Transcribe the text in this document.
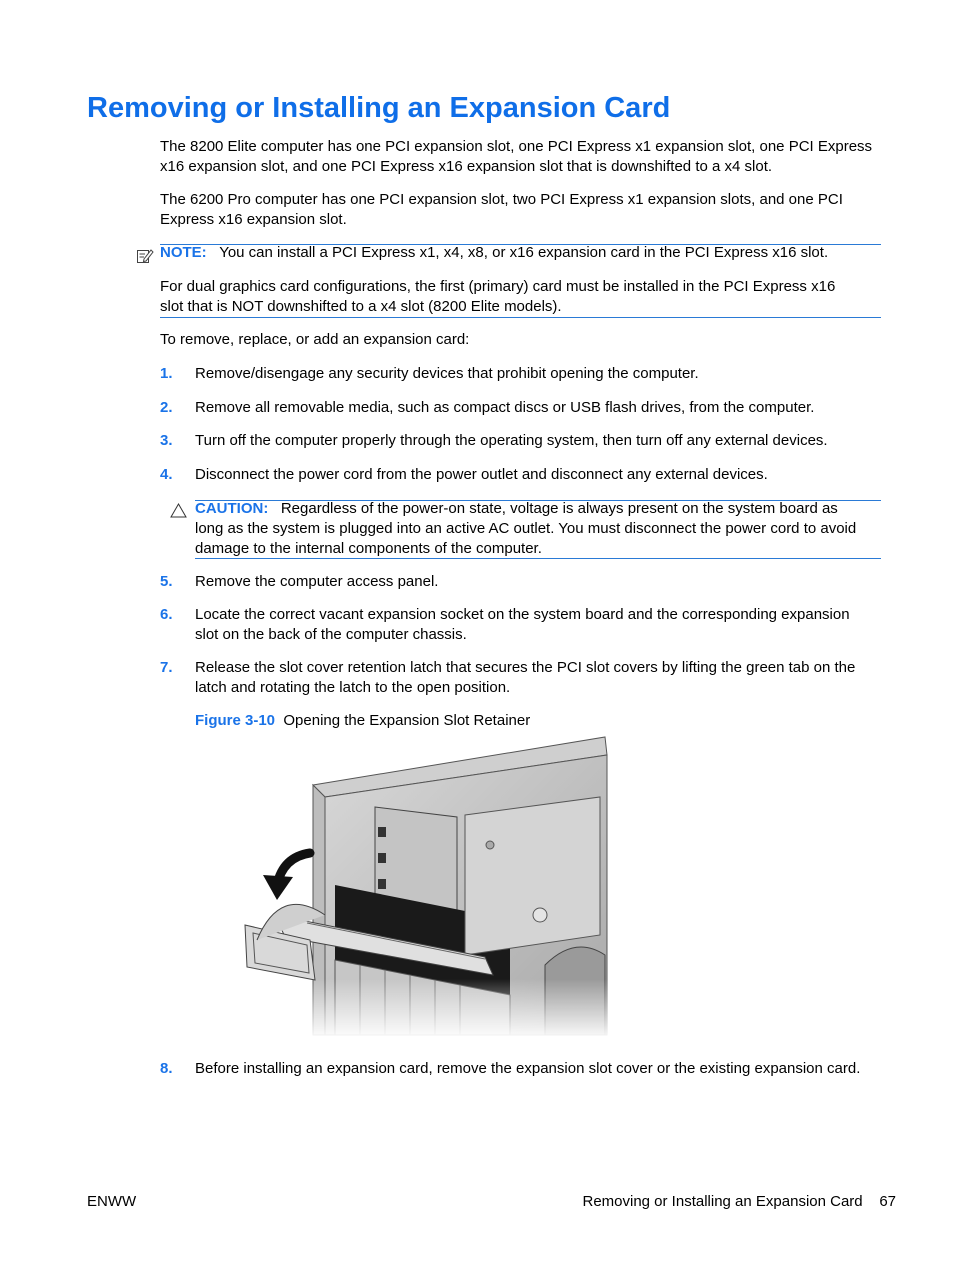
Removing or Installing an Expansion Card

The 8200 Elite computer has one PCI expansion slot, one PCI Express x1 expansion slot, one PCI Express x16 expansion slot, and one PCI Express x16 expansion slot that is downshifted to a x4 slot.

The 6200 Pro computer has one PCI expansion slot, two PCI Express x1 expansion slots, and one PCI Express x16 expansion slot.

NOTE: You can install a PCI Express x1, x4, x8, or x16 expansion card in the PCI Express x16 slot.

For dual graphics card configurations, the first (primary) card must be installed in the PCI Express x16 slot that is NOT downshifted to a x4 slot (8200 Elite models).

To remove, replace, or add an expansion card:

1. Remove/disengage any security devices that prohibit opening the computer.

2. Remove all removable media, such as compact discs or USB flash drives, from the computer.

3. Turn off the computer properly through the operating system, then turn off any external devices.

4. Disconnect the power cord from the power outlet and disconnect any external devices.

CAUTION: Regardless of the power-on state, voltage is always present on the system board as long as the system is plugged into an active AC outlet. You must disconnect the power cord to avoid damage to the internal components of the computer.

5. Remove the computer access panel.

6. Locate the correct vacant expansion socket on the system board and the corresponding expansion slot on the back of the computer chassis.

7. Release the slot cover retention latch that secures the PCI slot covers by lifting the green tab on the latch and rotating the latch to the open position.

Figure 3-10 Opening the Expansion Slot Retainer
8. Before installing an expansion card, remove the expansion slot cover or the existing expansion card.

ENWW	Removing or Installing an Expansion Card 67
